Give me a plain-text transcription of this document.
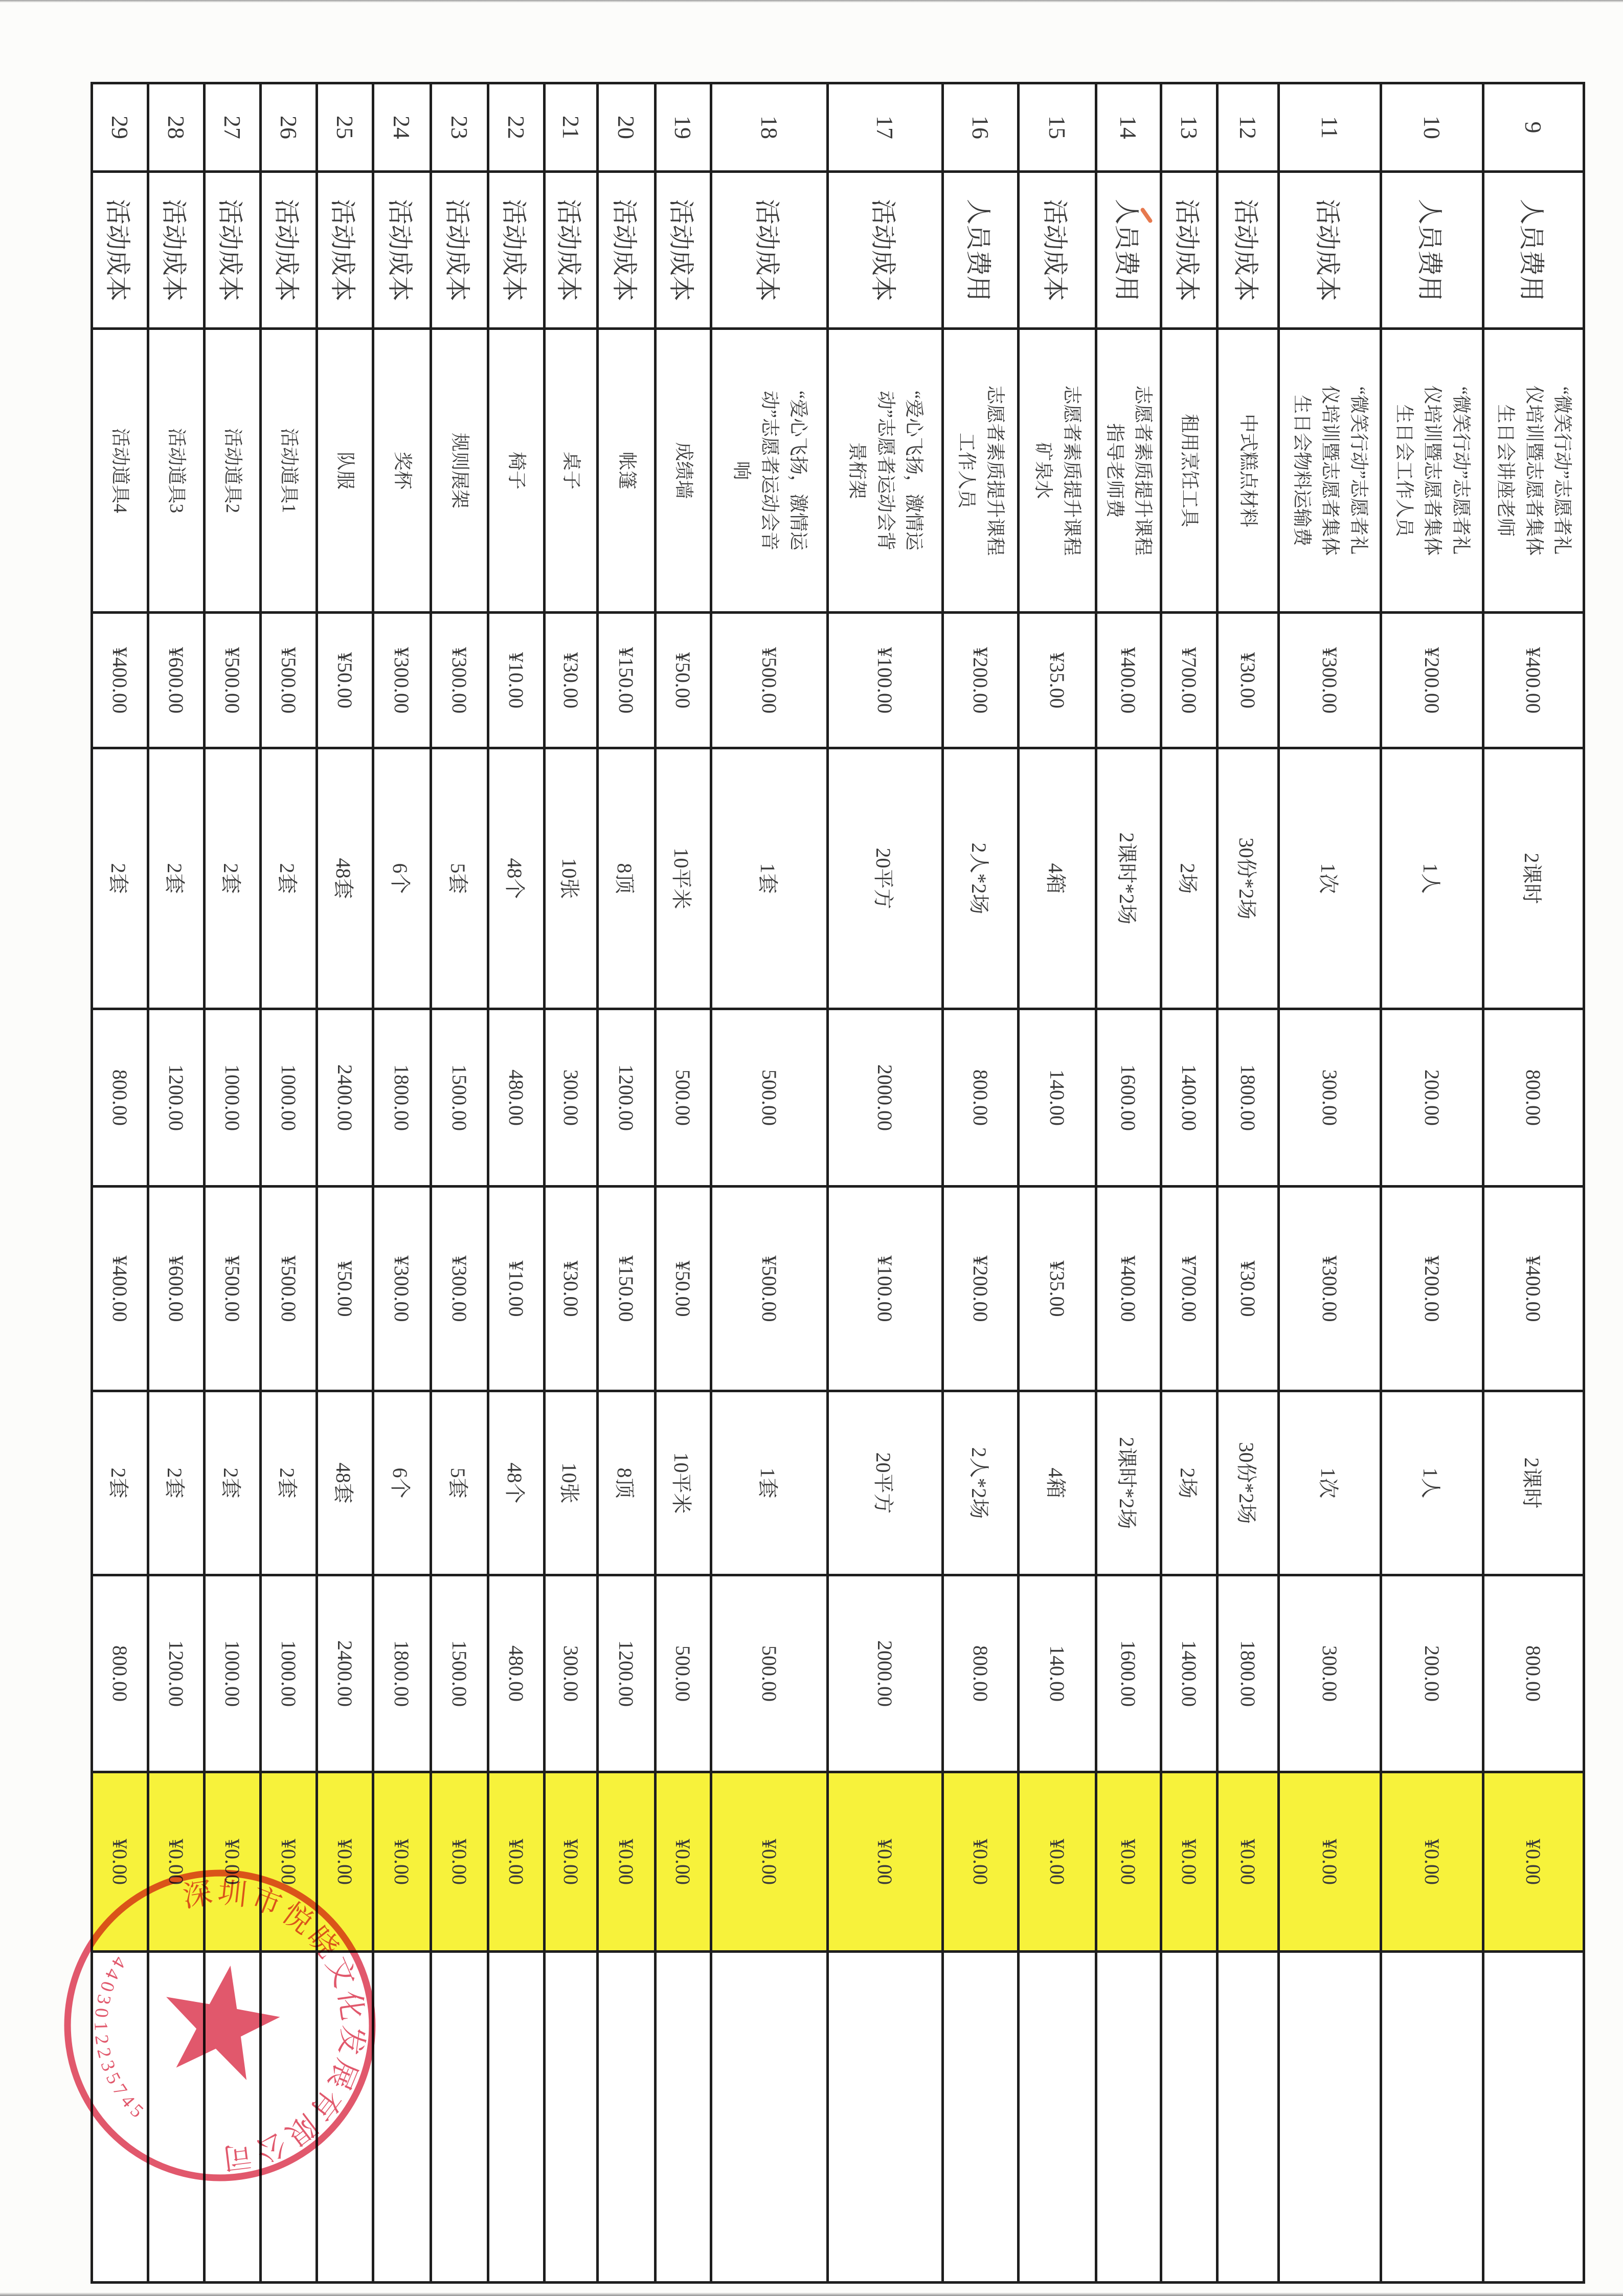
9	人员费用	“微笑行动”志愿者礼仪培训暨志愿者集体生日会讲座老师	¥400.00	2课时	800.00	¥400.00	2课时	800.00	¥0.00	
10	人员费用	“微笑行动”志愿者礼仪培训暨志愿者集体生日会工作人员	¥200.00	1人	200.00	¥200.00	1人	200.00	¥0.00	
11	活动成本	“微笑行动”志愿者礼仪培训暨志愿者集体生日会物料运输费	¥300.00	1次	300.00	¥300.00	1次	300.00	¥0.00	
12	活动成本	中式糕点材料	¥30.00	30份*2场	1800.00	¥30.00	30份*2场	1800.00	¥0.00	
13	活动成本	租用烹饪工具	¥700.00	2场	1400.00	¥700.00	2场	1400.00	¥0.00	
14	人员费用	志愿者素质提升课程指导老师费	¥400.00	2课时*2场	1600.00	¥400.00	2课时*2场	1600.00	¥0.00	
15	活动成本	志愿者素质提升课程矿泉水	¥35.00	4箱	140.00	¥35.00	4箱	140.00	¥0.00	
16	人员费用	志愿者素质提升课程工作人员	¥200.00	2人*2场	800.00	¥200.00	2人*2场	800.00	¥0.00	
17	活动成本	“爱心飞扬，激情运动”志愿者运动会背景桁架	¥100.00	20平方	2000.00	¥100.00	20平方	2000.00	¥0.00	
18	活动成本	“爱心飞扬，激情运动”志愿者运动会音响	¥500.00	1套	500.00	¥500.00	1套	500.00	¥0.00	
19	活动成本	成绩墙	¥50.00	10平米	500.00	¥50.00	10平米	500.00	¥0.00	
20	活动成本	帐篷	¥150.00	8顶	1200.00	¥150.00	8顶	1200.00	¥0.00	
21	活动成本	桌子	¥30.00	10张	300.00	¥30.00	10张	300.00	¥0.00	
22	活动成本	椅子	¥10.00	48个	480.00	¥10.00	48个	480.00	¥0.00	
23	活动成本	规则展架	¥300.00	5套	1500.00	¥300.00	5套	1500.00	¥0.00	
24	活动成本	奖杯	¥300.00	6个	1800.00	¥300.00	6个	1800.00	¥0.00	
25	活动成本	队服	¥50.00	48套	2400.00	¥50.00	48套	2400.00	¥0.00	
26	活动成本	活动道具1	¥500.00	2套	1000.00	¥500.00	2套	1000.00	¥0.00	
27	活动成本	活动道具2	¥500.00	2套	1000.00	¥500.00	2套	1000.00	¥0.00	
28	活动成本	活动道具3	¥600.00	2套	1200.00	¥600.00	2套	1200.00	¥0.00	
29	活动成本	活动道具4	¥400.00	2套	800.00	¥400.00	2套	800.00	¥0.00	
深圳市悦晓文化发展有限公司
4403012235745
